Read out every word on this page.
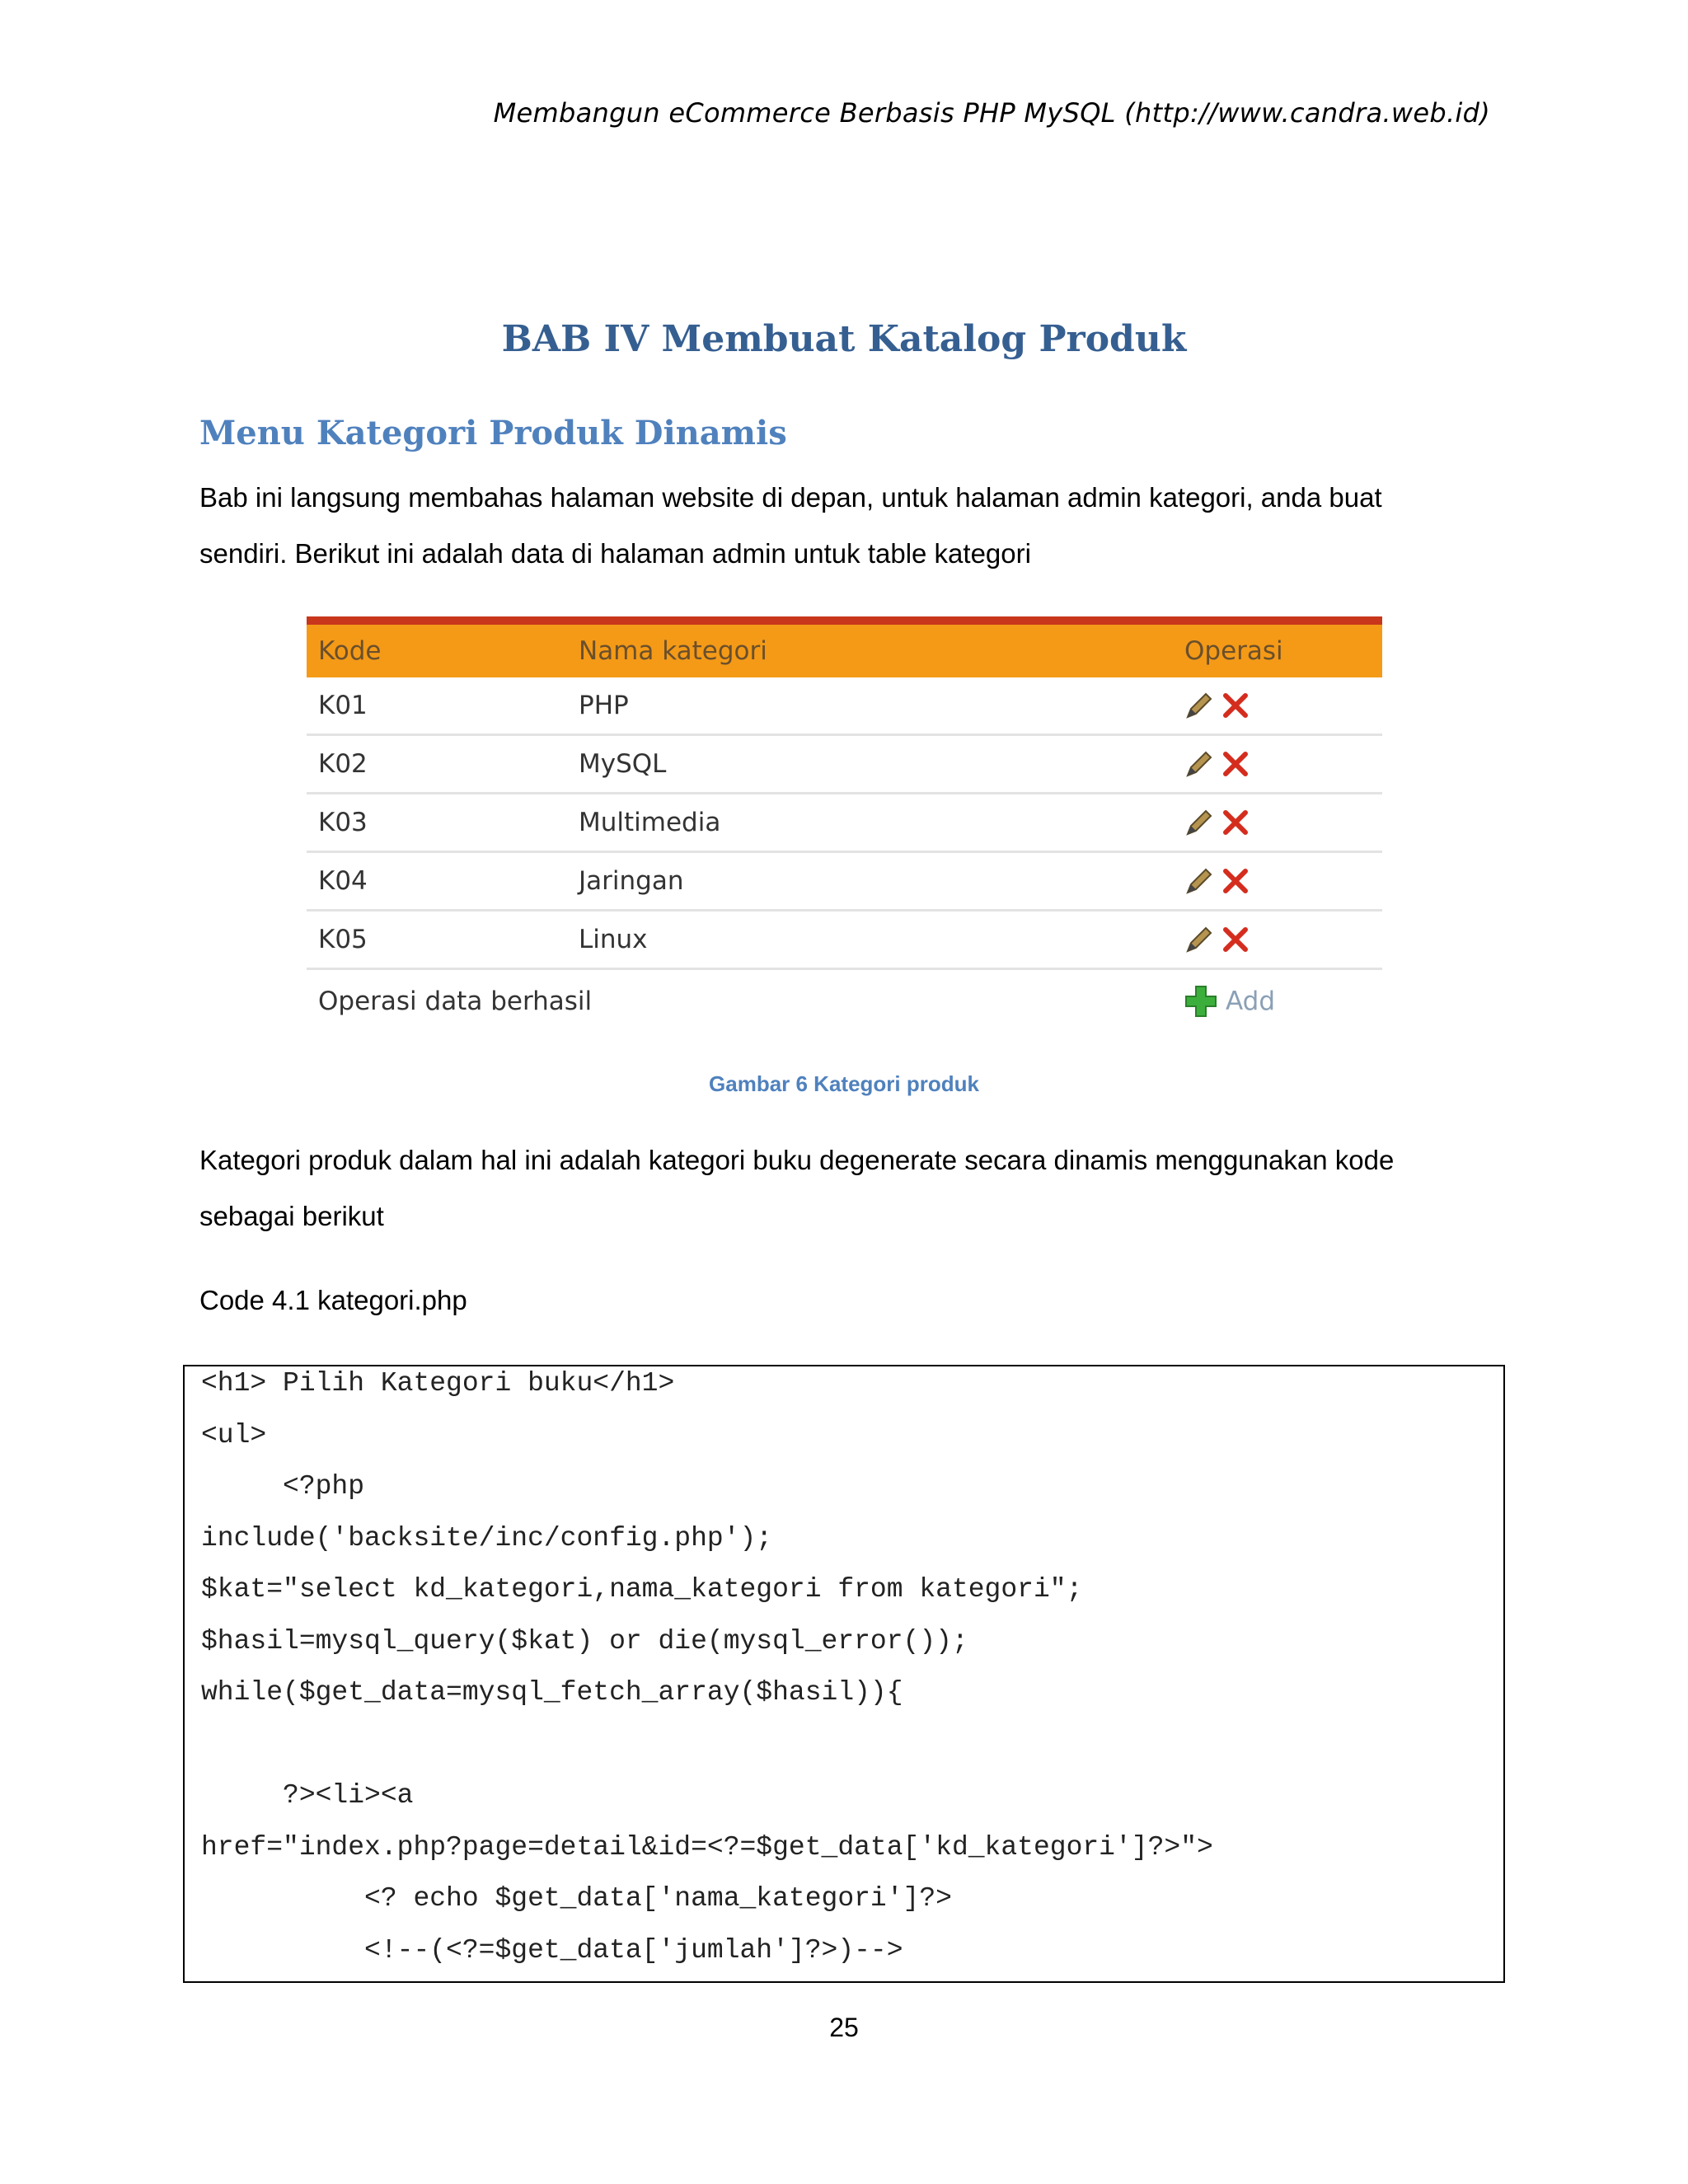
Membangun eCommerce Berbasis PHP MySQL (http://www.candra.web.id)
BAB IV Membuat Katalog Produk
Menu Kategori Produk Dinamis

Bab ini langsung membahas halaman website di depan, untuk halaman admin kategori, anda buat

sendiri. Berikut ini adalah data di halaman admin untuk table kategori

Kode	Nama kategori	Operasi
K01	PHP
K02	MySQL
K03	Multimedia
K04	Jaringan
K05	Linux
Operasi data berhasil	Add
Gambar 6 Kategori produk

Kategori produk dalam hal ini adalah kategori buku degenerate secara dinamis menggunakan kode

sebagai berikut

Code 4.1 kategori.php
<h1> Pilih Kategori buku</h1>
<ul>
<?php
include('backsite/inc/config.php');
$kat="select kd_kategori,nama_kategori from kategori";
$hasil=mysql_query($kat) or die(mysql_error());
while($get_data=mysql_fetch_array($hasil)){
?><li><a
href="index.php?page=detail&id=<?=$get_data['kd_kategori']?>">
<? echo $get_data['nama_kategori']?>
<!--(<?=$get_data['jumlah']?>)-->
25
